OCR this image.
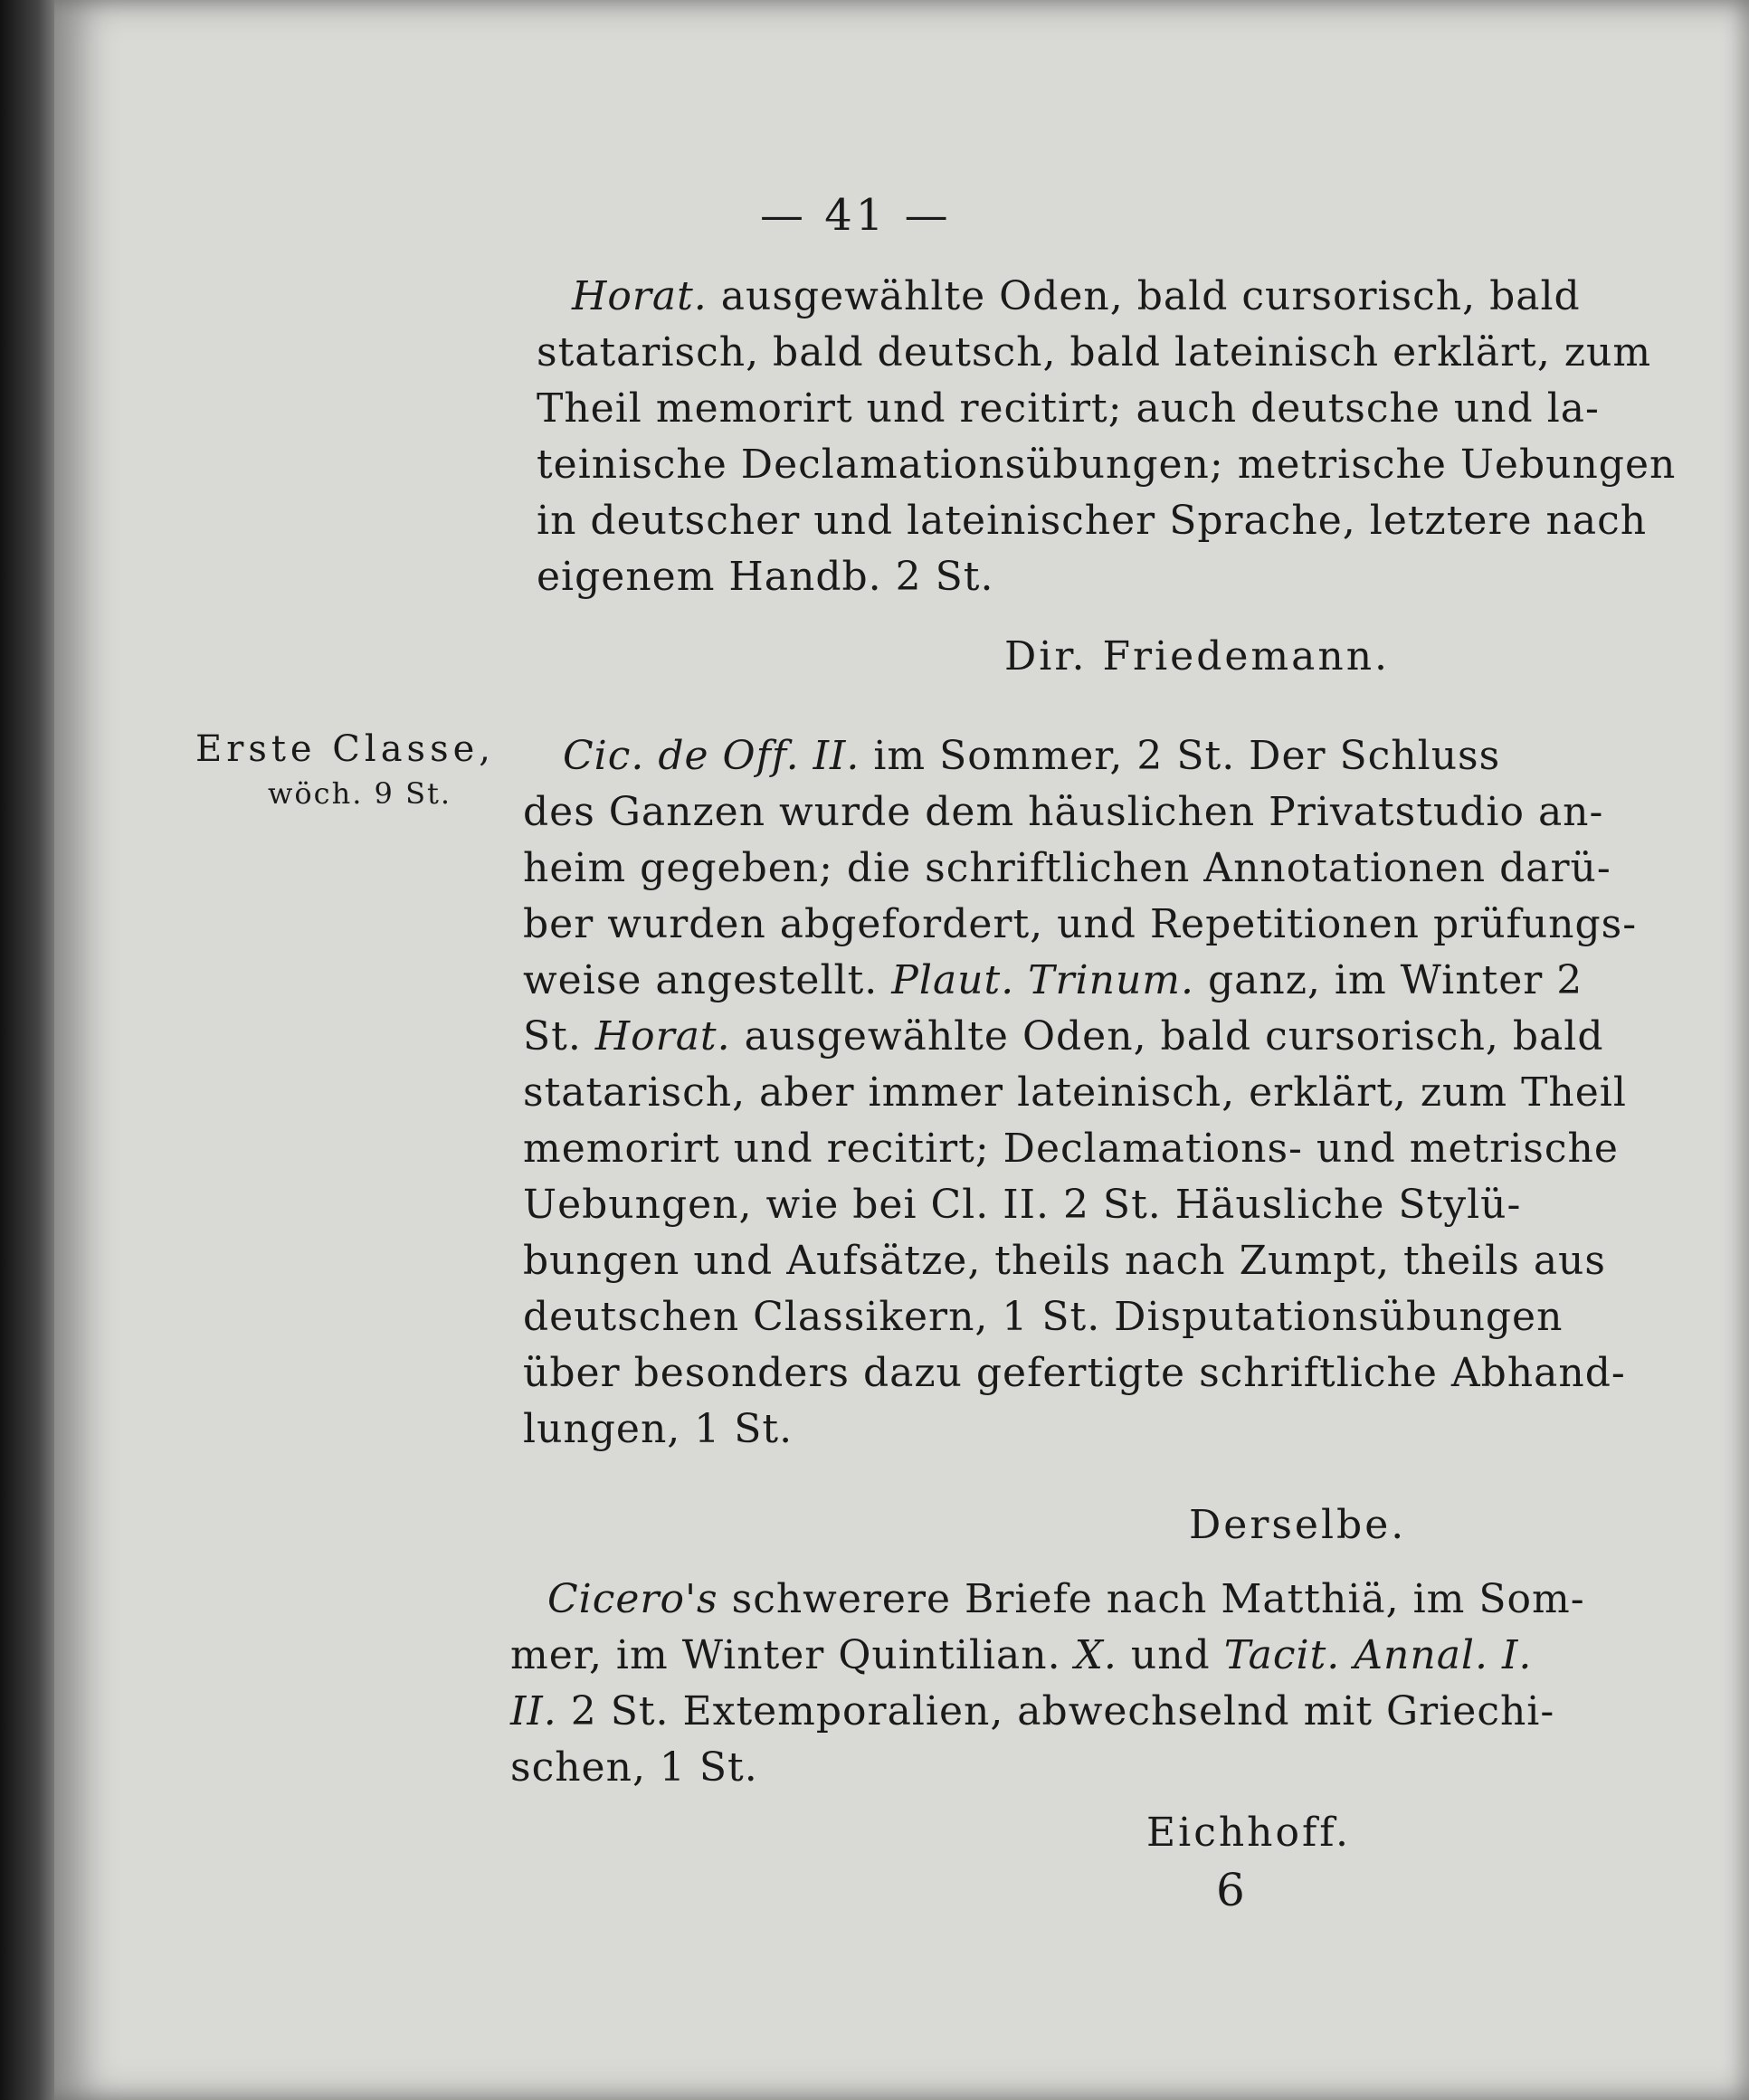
— 41 —
Horat. ausgewählte Oden, bald cursorisch, bald
statarisch, bald deutsch, bald lateinisch erklärt, zum
Theil memorirt und recitirt; auch deutsche und la-
teinische Declamationsübungen; metrische Uebungen
in deutscher und lateinischer Sprache, letztere nach
eigenem Handb. 2 St.
Dir. Friedemann.
Erste Classe,
wöch. 9 St.
Cic. de Off. II. im Sommer, 2 St. Der Schluss
des Ganzen wurde dem häuslichen Privatstudio an-
heim gegeben; die schriftlichen Annotationen darü-
ber wurden abgefordert, und Repetitionen prüfungs-
weise angestellt. Plaut. Trinum. ganz, im Winter 2
St. Horat. ausgewählte Oden, bald cursorisch, bald
statarisch, aber immer lateinisch, erklärt, zum Theil
memorirt und recitirt; Declamations- und metrische
Uebungen, wie bei Cl. II. 2 St. Häusliche Stylü-
bungen und Aufsätze, theils nach Zumpt, theils aus
deutschen Classikern, 1 St. Disputationsübungen
über besonders dazu gefertigte schriftliche Abhand-
lungen, 1 St.
Derselbe.
Cicero's schwerere Briefe nach Matthiä, im Som-
mer, im Winter Quintilian. X. und Tacit. Annal. I.
II. 2 St. Extemporalien, abwechselnd mit Griechi-
schen, 1 St.
Eichhoff.
6
